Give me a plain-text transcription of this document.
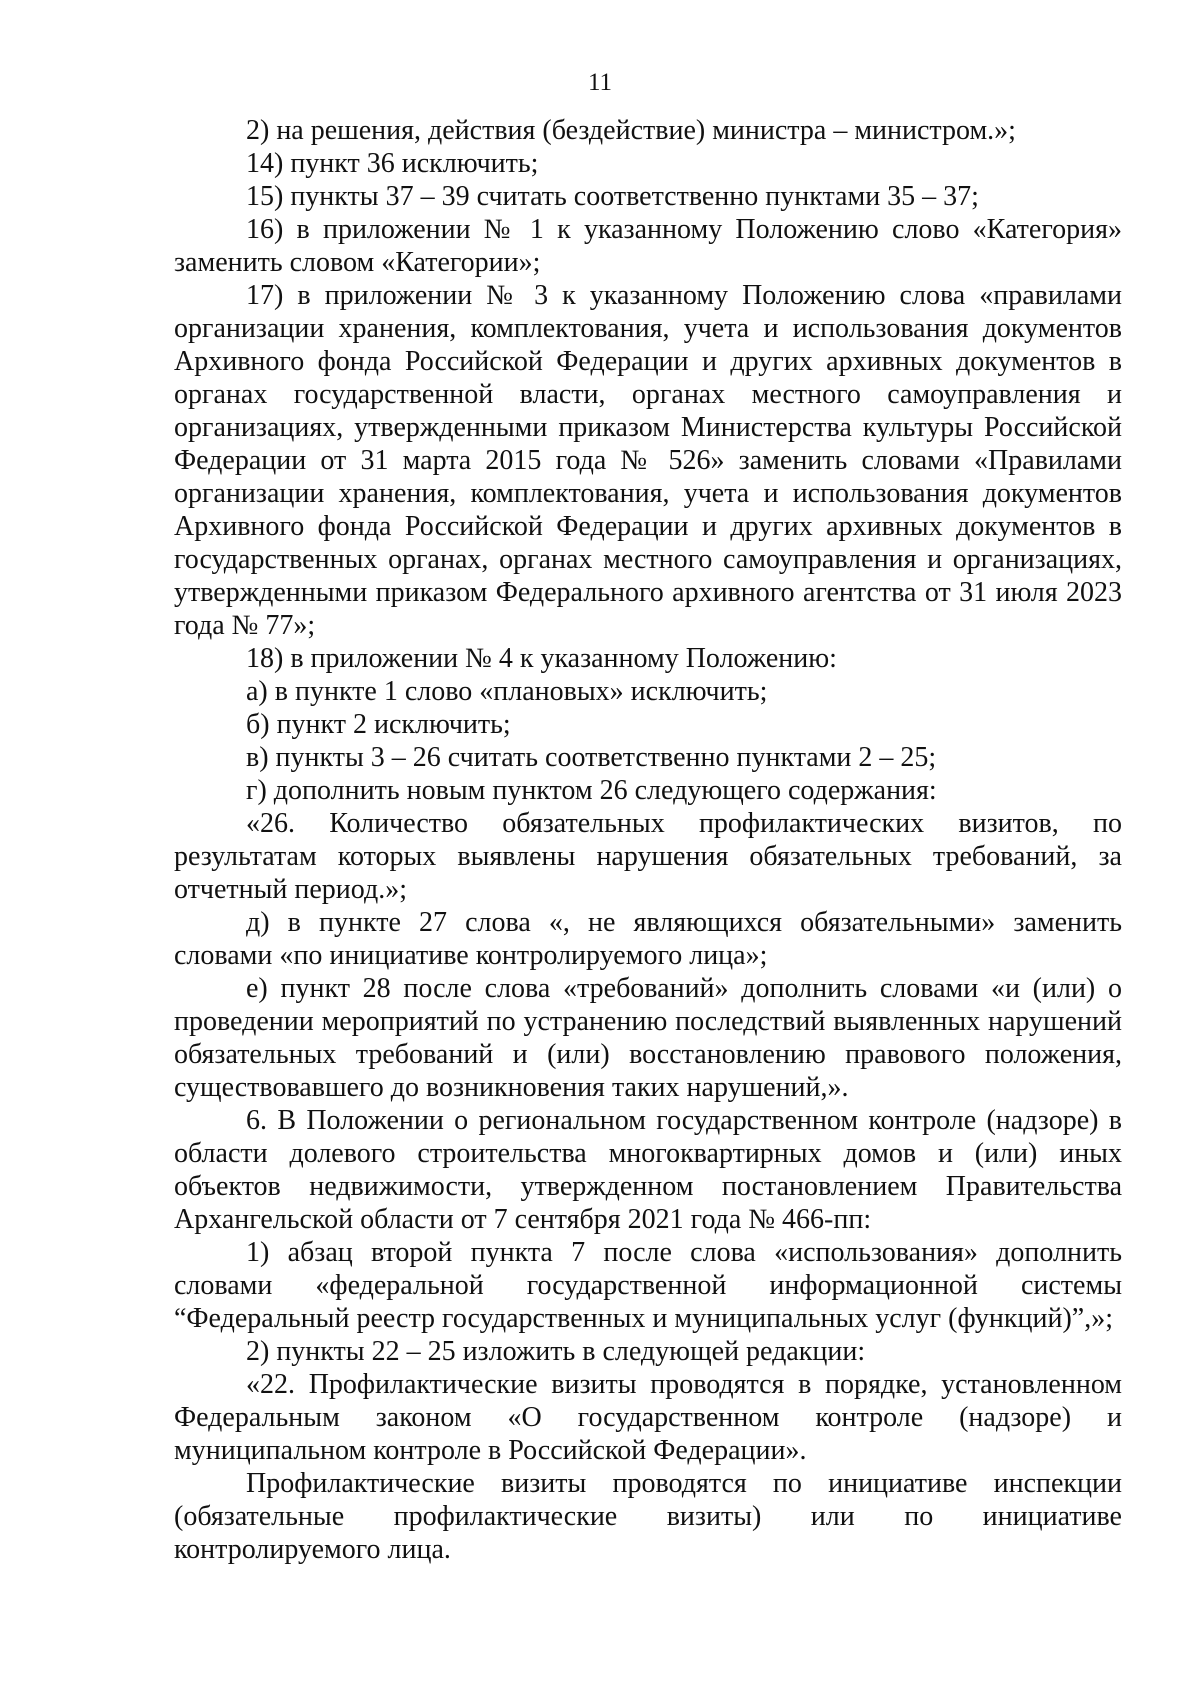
11

2) на решения, действия (бездействие) министра – министром.»;

14) пункт 36 исключить;

15) пункты 37 – 39 считать соответственно пунктами 35 – 37;

16) в приложении № 1 к указанному Положению слово «Категория» заменить словом «Категории»;

17) в приложении № 3 к указанному Положению слова «правилами организации хранения, комплектования, учета и использования документов Архивного фонда Российской Федерации и других архивных документов в органах государственной власти, органах местного самоуправления и организациях, утвержденными приказом Министерства культуры Российской Федерации от 31 марта 2015 года № 526» заменить словами «Правилами организации хранения, комплектования, учета и использования документов Архивного фонда Российской Федерации и других архивных документов в государственных органах, органах местного самоуправления и организациях, утвержденными приказом Федерального архивного агентства от 31 июля 2023 года № 77»;

18) в приложении № 4 к указанному Положению:

а) в пункте 1 слово «плановых» исключить;

б) пункт 2 исключить;

в) пункты 3 – 26 считать соответственно пунктами 2 – 25;

г) дополнить новым пунктом 26 следующего содержания:

«26. Количество обязательных профилактических визитов, по результатам которых выявлены нарушения обязательных требований, за отчетный период.»;

д) в пункте 27 слова «, не являющихся обязательными» заменить словами «по инициативе контролируемого лица»;

е) пункт 28 после слова «требований» дополнить словами «и (или) о проведении мероприятий по устранению последствий выявленных нарушений обязательных требований и (или) восстановлению правового положения, существовавшего до возникновения таких нарушений,».

6. В Положении о региональном государственном контроле (надзоре) в области долевого строительства многоквартирных домов и (или) иных объектов недвижимости, утвержденном постановлением Правительства Архангельской области от 7 сентября 2021 года № 466-пп:

1) абзац второй пункта 7 после слова «использования» дополнить словами «федеральной государственной информационной системы “Федеральный реестр государственных и муниципальных услуг (функций)”,»;

2) пункты 22 – 25 изложить в следующей редакции:

«22. Профилактические визиты проводятся в порядке, установленном Федеральным законом «О государственном контроле (надзоре) и муниципальном контроле в Российской Федерации».

Профилактические визиты проводятся по инициативе инспекции (обязательные профилактические визиты) или по инициативе контролируемого лица.
